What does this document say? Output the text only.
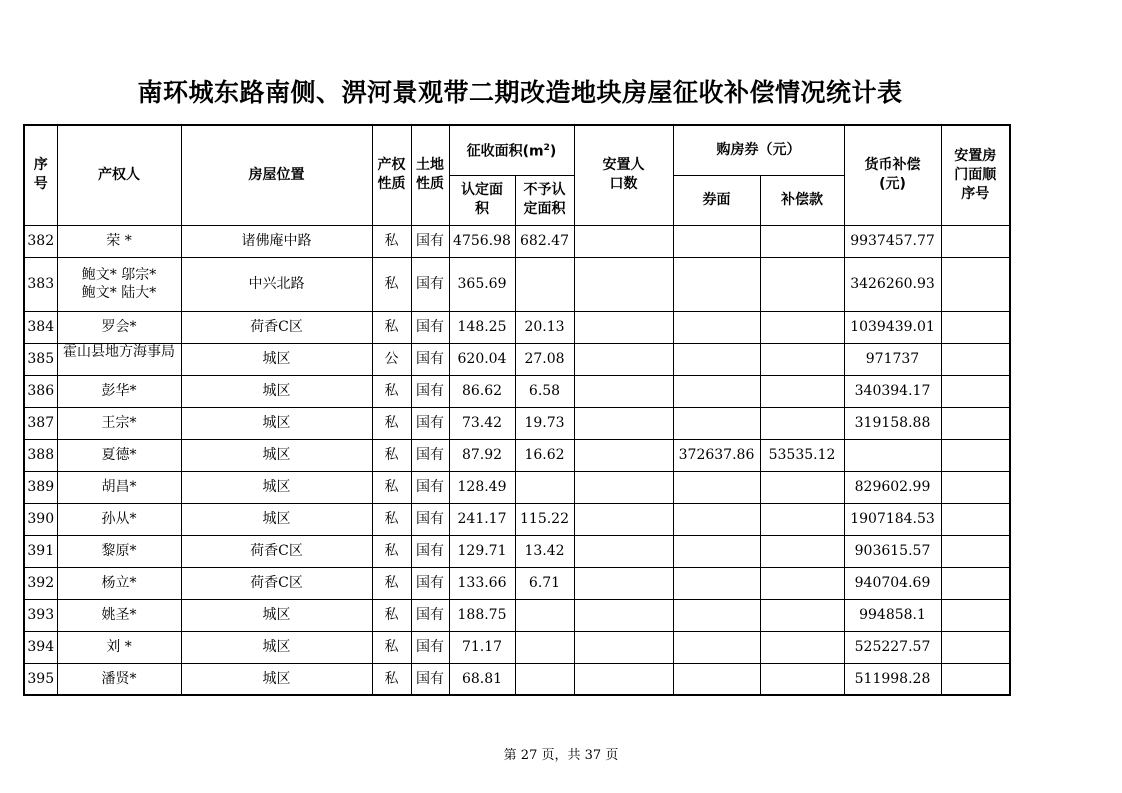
南环城东路南侧、淠河景观带二期改造地块房屋征收补偿情况统计表
序号	产权人	房屋位置	产权性质	土地性质	征收面积$(m^2)$		安置人口数	购房券（元）		货币补偿(元)	安置房门面顺序号
					认定面积	不予认定面积		券面	补偿款		
382	荣 *	诸佛庵中路	私	国有	4756.98	682.47				9937457.77	
383	鲍文* 邬宗*
鲍文* 陆大*	中兴北路	私	国有	365.69					3426260.93	
384	罗会*	荷香C区	私	国有	148.25	20.13				1039439.01	
385	霍山县地方海事局	城区	公	国有	620.04	27.08				971737	
386	彭华*	城区	私	国有	86.62	6.58				340394.17	
387	王宗*	城区	私	国有	73.42	19.73				319158.88	
388	夏德*	城区	私	国有	87.92	16.62		372637.86	53535.12		
389	胡昌*	城区	私	国有	128.49					829602.99	
390	孙从*	城区	私	国有	241.17	115.22				1907184.53	
391	黎原*	荷香C区	私	国有	129.71	13.42				903615.57	
392	杨立*	荷香C区	私	国有	133.66	6.71				940704.69	
393	姚圣*	城区	私	国有	188.75					994858.1	
394	刘 *	城区	私	国有	71.17					525227.57	
395	潘贤*	城区	私	国有	68.81					511998.28	
第 27 页，共 37 页
